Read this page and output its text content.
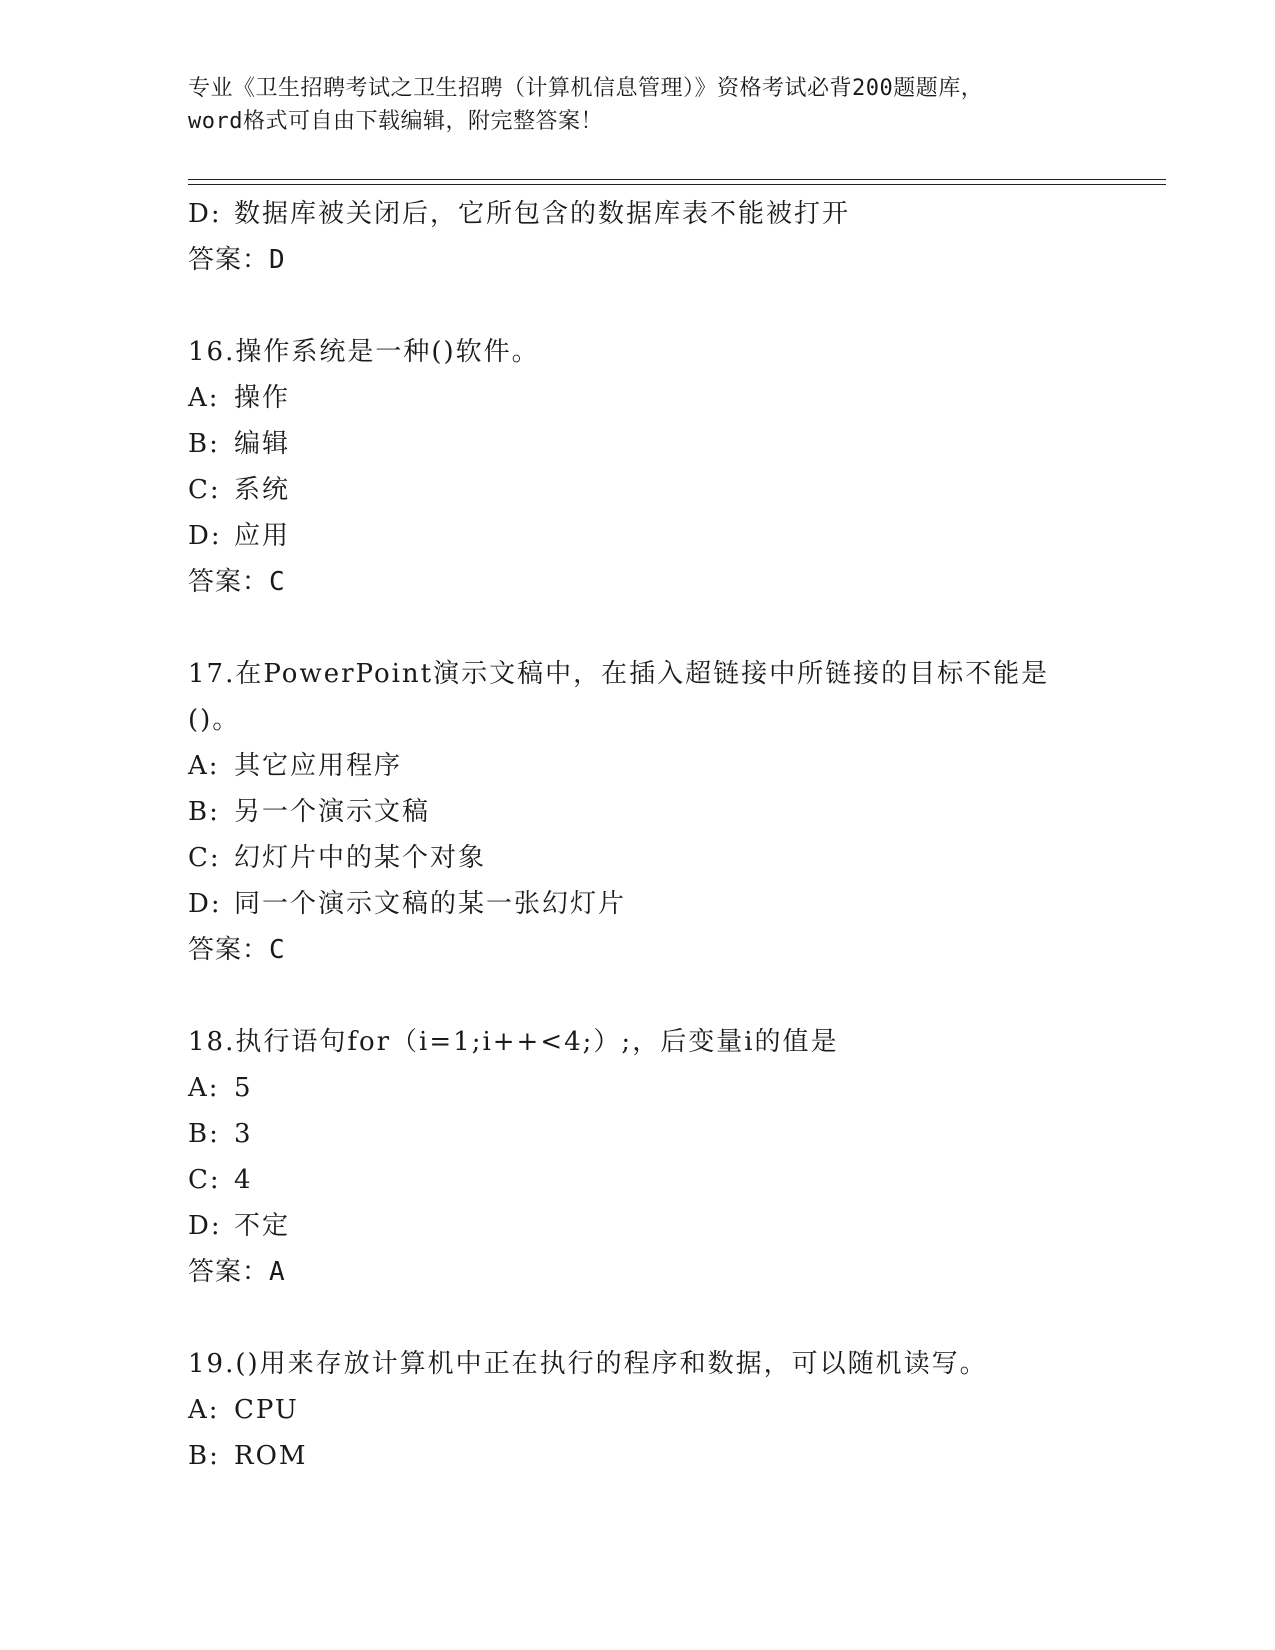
专业《卫生招聘考试之卫生招聘（计算机信息管理）》资格考试必背200题题库，
word格式可自由下载编辑，附完整答案！
D: 数据库被关闭后，它所包含的数据库表不能被打开
答案：D
16.操作系统是一种()软件。
A: 操作
B: 编辑
C: 系统
D: 应用
答案：C
17.在PowerPoint演示文稿中，在插入超链接中所链接的目标不能是
()。
A: 其它应用程序
B: 另一个演示文稿
C: 幻灯片中的某个对象
D: 同一个演示文稿的某一张幻灯片
答案：C
18.执行语句for（i=1;i++<4;）;，后变量i的值是
A: 5
B: 3
C: 4
D: 不定
答案：A
19.()用来存放计算机中正在执行的程序和数据，可以随机读写。
A: CPU
B: ROM
